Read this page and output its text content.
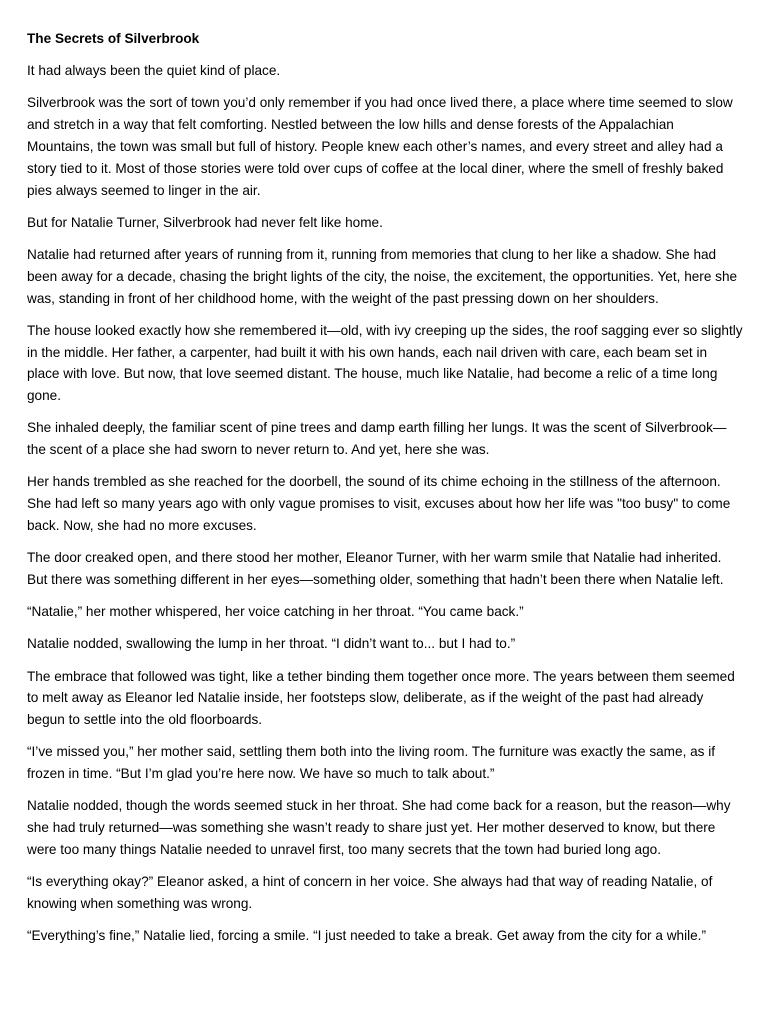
The Secrets of Silverbrook

It had always been the quiet kind of place.

Silverbrook was the sort of town you’d only remember if you had once lived there, a place where time seemed to slow and stretch in a way that felt comforting. Nestled between the low hills and dense forests of the Appalachian Mountains, the town was small but full of history. People knew each other’s names, and every street and alley had a story tied to it. Most of those stories were told over cups of coffee at the local diner, where the smell of freshly baked pies always seemed to linger in the air.

But for Natalie Turner, Silverbrook had never felt like home.

Natalie had returned after years of running from it, running from memories that clung to her like a shadow. She had been away for a decade, chasing the bright lights of the city, the noise, the excitement, the opportunities. Yet, here she was, standing in front of her childhood home, with the weight of the past pressing down on her shoulders.

The house looked exactly how she remembered it—old, with ivy creeping up the sides, the roof sagging ever so slightly in the middle. Her father, a carpenter, had built it with his own hands, each nail driven with care, each beam set in place with love. But now, that love seemed distant. The house, much like Natalie, had become a relic of a time long gone.

She inhaled deeply, the familiar scent of pine trees and damp earth filling her lungs. It was the scent of Silverbrook—the scent of a place she had sworn to never return to. And yet, here she was.

Her hands trembled as she reached for the doorbell, the sound of its chime echoing in the stillness of the afternoon. She had left so many years ago with only vague promises to visit, excuses about how her life was "too busy" to come back. Now, she had no more excuses.

The door creaked open, and there stood her mother, Eleanor Turner, with her warm smile that Natalie had inherited. But there was something different in her eyes—something older, something that hadn’t been there when Natalie left.

“Natalie,” her mother whispered, her voice catching in her throat. “You came back.”

Natalie nodded, swallowing the lump in her throat. “I didn’t want to... but I had to.”

The embrace that followed was tight, like a tether binding them together once more. The years between them seemed to melt away as Eleanor led Natalie inside, her footsteps slow, deliberate, as if the weight of the past had already begun to settle into the old floorboards.

“I’ve missed you,” her mother said, settling them both into the living room. The furniture was exactly the same, as if frozen in time. “But I’m glad you’re here now. We have so much to talk about.”

Natalie nodded, though the words seemed stuck in her throat. She had come back for a reason, but the reason—why she had truly returned—was something she wasn’t ready to share just yet. Her mother deserved to know, but there were too many things Natalie needed to unravel first, too many secrets that the town had buried long ago.

“Is everything okay?” Eleanor asked, a hint of concern in her voice. She always had that way of reading Natalie, of knowing when something was wrong.

“Everything’s fine,” Natalie lied, forcing a smile. “I just needed to take a break. Get away from the city for a while.”
